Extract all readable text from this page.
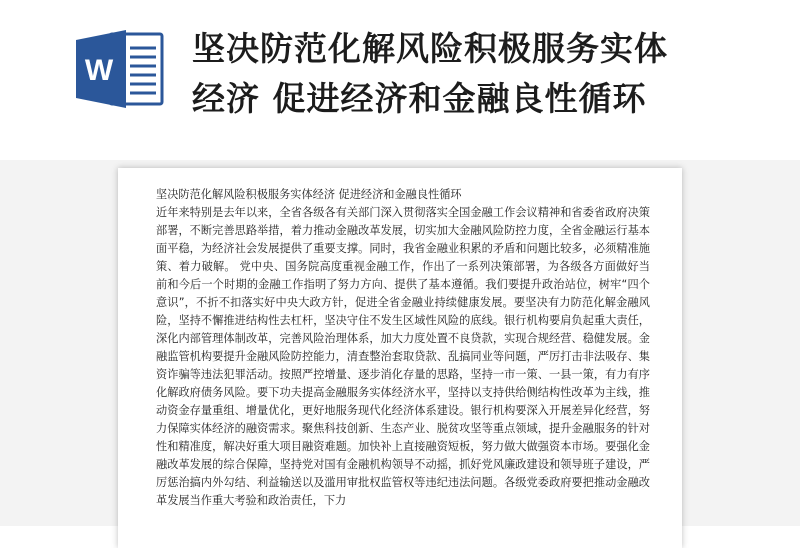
W
坚决防范化解风险积极服务实体
经济 促进经济和金融良性循环
坚决防范化解风险积极服务实体经济 促进经济和金融良性循环
近年来特别是去年以来，全省各级各有关部门深入贯彻落实全国金融工作会议精神和省委省政府决策部署，不断完善思路举措，着力推动金融改革发展，切实加大金融风险防控力度，全省金融运行基本面平稳，为经济社会发展提供了重要支撑。同时，我省金融业积累的矛盾和问题比较多，必须精准施策、着力破解。 党中央、国务院高度重视金融工作，作出了一系列决策部署，为各级各方面做好当前和今后一个时期的金融工作指明了努力方向、提供了基本遵循。我们要提升政治站位，树牢“四个意识”，不折不扣落实好中央大政方针，促进全省金融业持续健康发展。要坚决有力防范化解金融风险，坚持不懈推进结构性去杠杆，坚决守住不发生区域性风险的底线。银行机构要肩负起重大责任，深化内部管理体制改革，完善风险治理体系，加大力度处置不良贷款，实现合规经营、稳健发展。金融监管机构要提升金融风险防控能力，清查整治套取贷款、乱搞同业等问题，严厉打击非法吸存、集资诈骗等违法犯罪活动。按照严控增量、逐步消化存量的思路，坚持一市一策、一县一策，有力有序化解政府债务风险。要下功夫提高金融服务实体经济水平，坚持以支持供给侧结构性改革为主线，推动资金存量重组、增量优化，更好地服务现代化经济体系建设。银行机构要深入开展差异化经营，努力保障实体经济的融资需求。聚焦科技创新、生态产业、脱贫攻坚等重点领域，提升金融服务的针对性和精准度，解决好重大项目融资难题。加快补上直接融资短板，努力做大做强资本市场。要强化金融改革发展的综合保障，坚持党对国有金融机构领导不动摇，抓好党风廉政建设和领导班子建设，严厉惩治搞内外勾结、利益输送以及滥用审批权监管权等违纪违法问题。各级党委政府要把推动金融改革发展当作重大考验和政治责任，下力
